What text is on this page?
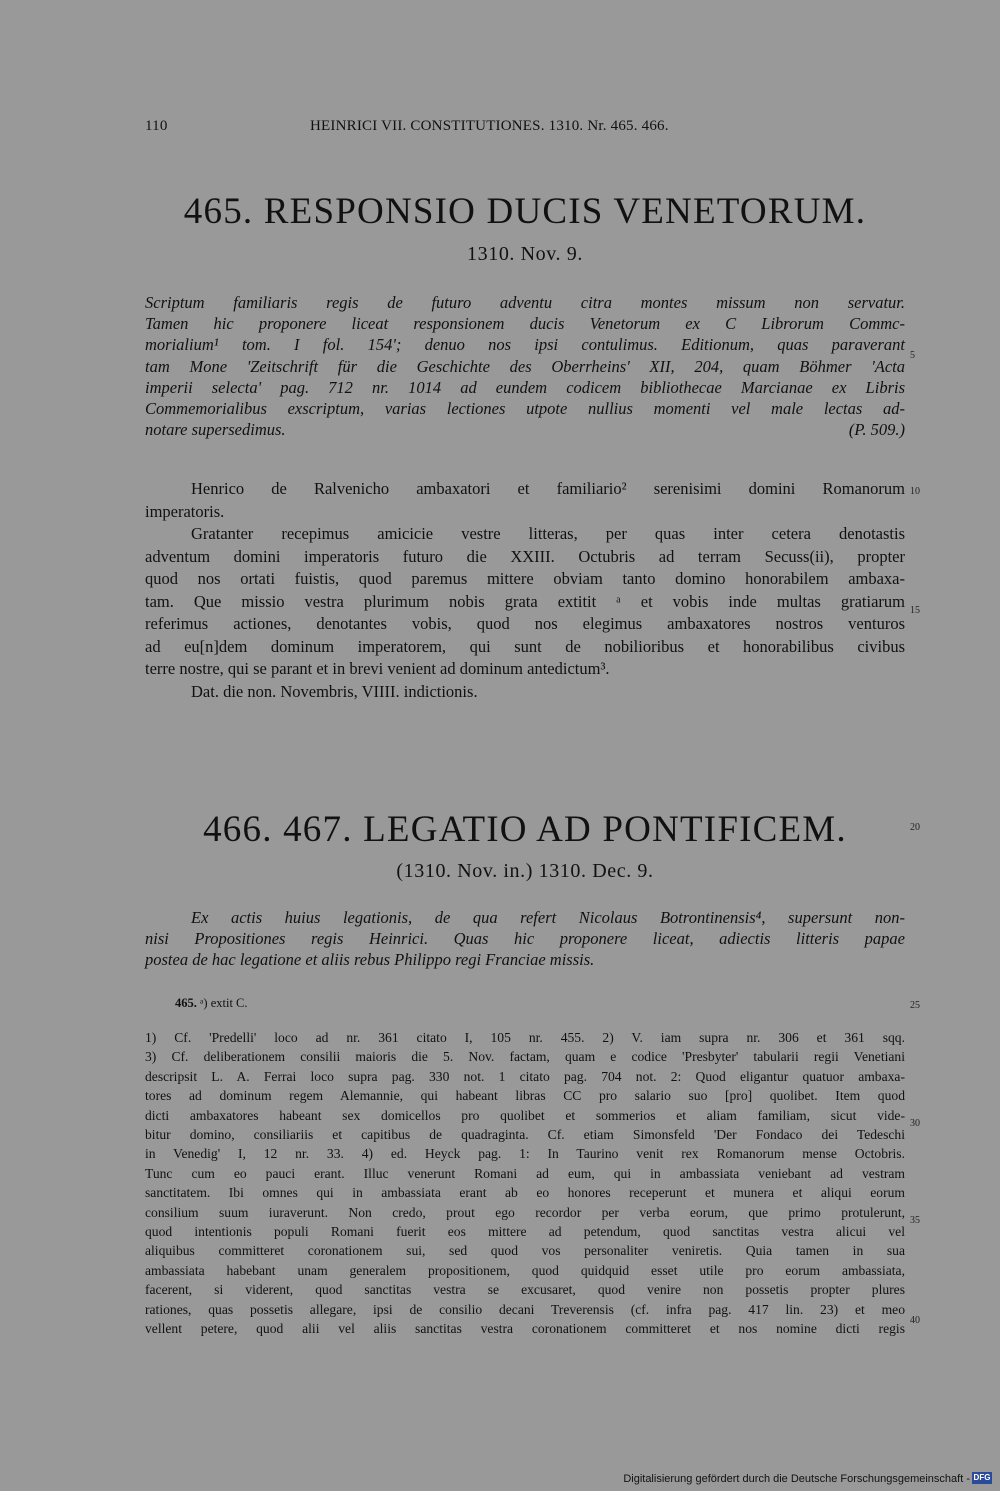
110	HEINRICI VII. CONSTITUTIONES. 1310. Nr. 465. 466.
465. RESPONSIO DUCIS VENETORUM.
1310. Nov. 9.
Scriptum familiaris regis de futuro adventu citra montes missum non servatur.
Tamen hic proponere liceat responsionem ducis Venetorum ex C Librorum Commc-
morialium¹ tom. I fol. 154'; denuo nos ipsi contulimus. Editionum, quas paraverant
tam Mone 'Zeitschrift für die Geschichte des Oberrheins' XII, 204, quam Böhmer 'Acta
imperii selecta' pag. 712 nr. 1014 ad eundem codicem bibliothecae Marcianae ex Libris
Commemorialibus exscriptum, varias lectiones utpote nullius momenti vel male lectas ad-
notare supersedimus.	(P. 509.)
Henrico de Ralvenicho ambaxatori et familiario² serenisimi domini Romanorum
imperatoris.
Gratanter recepimus amicicie vestre litteras, per quas inter cetera denotastis
adventum domini imperatoris futuro die XXIII. Octubris ad terram Secuss(ii), propter
quod nos ortati fuistis, quod paremus mittere obviam tanto domino honorabilem ambaxa-
tam. Que missio vestra plurimum nobis grata extitit ᵃ et vobis inde multas gratiarum
referimus actiones, denotantes vobis, quod nos elegimus ambaxatores nostros venturos
ad eu[n]dem dominum imperatorem, qui sunt de nobilioribus et honorabilibus civibus
terre nostre, qui se parant et in brevi venient ad dominum antedictum³.
Dat. die non. Novembris, VIIII. indictionis.
466. 467. LEGATIO AD PONTIFICEM.
(1310. Nov. in.) 1310. Dec. 9.
Ex actis huius legationis, de qua refert Nicolaus Botrontinensis⁴, supersunt non-
nisi Propositiones regis Heinrici. Quas hic proponere liceat, adiectis litteris papae
postea de hac legatione et aliis rebus Philippo regi Franciae missis.
465. ᵃ) extit C.
1) Cf. 'Predelli' loco ad nr. 361 citato I, 105 nr. 455. 2) V. iam supra nr. 306 et 361 sqq.
3) Cf. deliberationem consilii maioris die 5. Nov. factam, quam e codice 'Presbyter' tabularii regii Venetiani
descripsit L. A. Ferrai loco supra pag. 330 not. 1 citato pag. 704 not. 2: Quod eligantur quatuor ambaxa-
tores ad dominum regem Alemannie, qui habeant libras CC pro salario suo [pro] quolibet. Item quod
dicti ambaxatores habeant sex domicellos pro quolibet et sommerios et aliam familiam, sicut vide-
bitur domino, consiliariis et capitibus de quadraginta. Cf. etiam Simonsfeld 'Der Fondaco dei Tedeschi
in Venedig' I, 12 nr. 33. 4) ed. Heyck pag. 1: In Taurino venit rex Romanorum mense Octobris.
Tunc cum eo pauci erant. Illuc venerunt Romani ad eum, qui in ambassiata veniebant ad vestram
sanctitatem. Ibi omnes qui in ambassiata erant ab eo honores receperunt et munera et aliqui eorum
consilium suum iuraverunt. Non credo, prout ego recordor per verba eorum, que primo protulerunt,
quod intentionis populi Romani fuerit eos mittere ad petendum, quod sanctitas vestra alicui vel
aliquibus committeret coronationem sui, sed quod vos personaliter veniretis. Quia tamen in sua
ambassiata habebant unam generalem propositionem, quod quidquid esset utile pro eorum ambassiata,
facerent, si viderent, quod sanctitas vestra se excusaret, quod venire non possetis propter plures
rationes, quas possetis allegare, ipsi de consilio decani Treverensis (cf. infra pag. 417 lin. 23) et meo
vellent petere, quod alii vel aliis sanctitas vestra coronationem committeret et nos nomine dicti regis
5
10
15
20
25
30
35
40
Digitalisierung gefördert durch die Deutsche Forschungsgemeinschaft - DFG
